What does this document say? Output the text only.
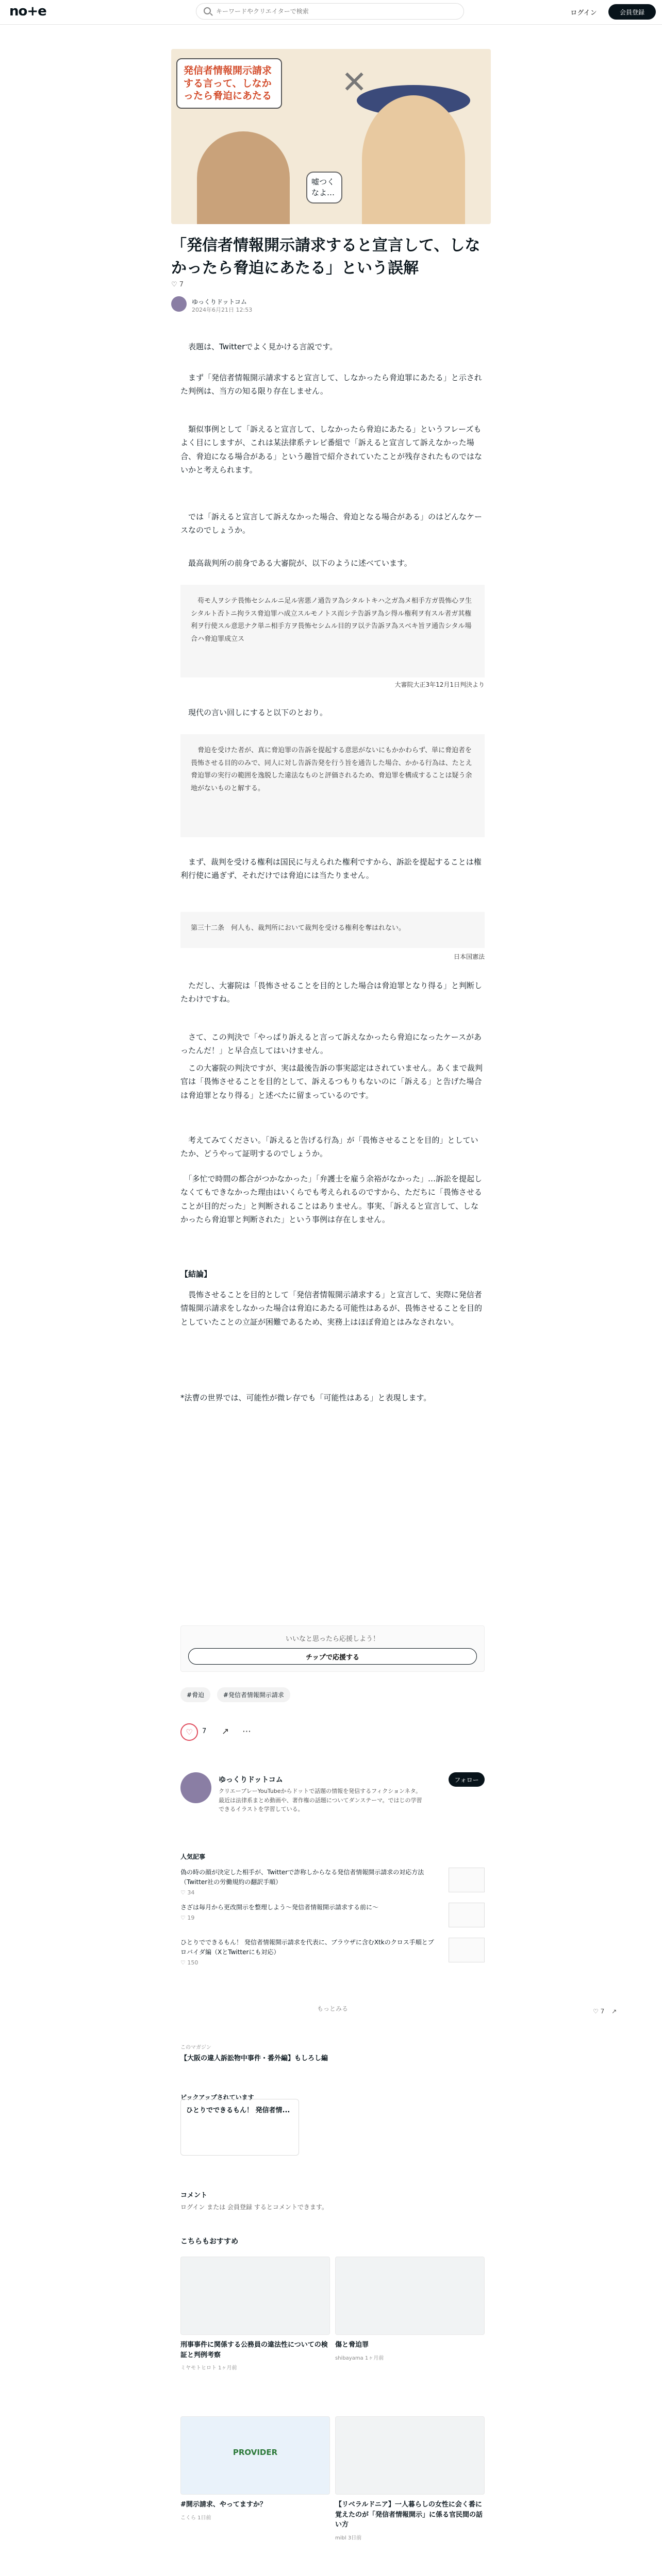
no+e
キーワードやクリエイターで検索	ログイン	会員登録
✕
発信者情報開示請求する言って、しなかったら脅迫にあたる
嘘つくなよ…
「発信者情報開示請求すると宣言して、しなかったら脅迫にあたる」という誤解
♡ 7
ゆっくりドットコム
2024年6月21日 12:53

　表題は、Twitterでよく見かける言説です。

　まず「発信者情報開示請求すると宣言して、しなかったら脅迫罪にあたる」と示された判例は、当方の知る限り存在しません。

　類似事例として「訴えると宣言して、しなかったら脅迫にあたる」というフレーズもよく目にしますが、これは某法律系テレビ番組で「訴えると宣言して訴えなかった場合、脅迫になる場合がある」という趣旨で紹介されていたことが残存されたものではないかと考えられます。

　では「訴えると宣言して訴えなかった場合、脅迫となる場合がある」のはどんなケースなのでしょうか。

　最高裁判所の前身である大審院が、以下のように述べています。

　苟モ人ヲシテ畏怖セシムルニ足ル害悪ノ通告ヲ為シタルトキハ之ガ為メ相手方ガ畏怖心ヲ生シタルト否トニ拘ラス脅迫罪ハ成立スルモノトス而シテ告訴ヲ為シ得ル権利ヲ有スル者ガ其権利ヲ行使スル意思ナク単ニ相手方ヲ畏怖セシムル目的ヲ以テ告訴ヲ為スベキ旨ヲ通告シタル場合ハ脅迫罪成立ス
大審院大正3年12月1日判決より

　現代の言い回しにすると以下のとおり。

　脅迫を受けた者が、真に脅迫罪の告訴を提起する意思がないにもかかわらず、単に脅迫者を畏怖させる目的のみで、同人に対し告訴告発を行う旨を通告した場合、かかる行為は、たとえ脅迫罪の実行の範囲を逸脱した違法なものと評価されるため、脅迫罪を構成することは疑う余地がないものと解する。

　まず、裁判を受ける権利は国民に与えられた権利ですから、訴訟を提起することは権利行使に過ぎず、それだけでは脅迫には当たりません。

第三十二条　何人も、裁判所において裁判を受ける権利を奪はれない。
日本国憲法

　ただし、大審院は「畏怖させることを目的とした場合は脅迫罪となり得る」と判断したわけですね。

　さて、この判決で「やっぱり訴えると言って訴えなかったら脅迫になったケースがあったんだ！」と早合点してはいけません。

　この大審院の判決ですが、実は最後告訴の事実認定はされていません。あくまで裁判官は「畏怖させることを目的として、訴えるつもりもないのに「訴える」と告げた場合は脅迫罪となり得る」と述べたに留まっているのです。

　考えてみてください。「訴えると告げる行為」が「畏怖させることを目的」としていたか、どうやって証明するのでしょうか。

　「多忙で時間の都合がつかなかった」「弁護士を雇う余裕がなかった」…訴訟を提起しなくてもできなかった理由はいくらでも考えられるのですから、ただちに「畏怖させることが目的だった」と判断されることはありません。事実、「訴えると宣言して、しなかったら脅迫罪と判断された」という事例は存在しません。

【結論】

　畏怖させることを目的として「発信者情報開示請求する」と宣言して、実際に発信者情報開示請求をしなかった場合は脅迫にあたる可能性はあるが、畏怖させることを目的としていたことの立証が困難であるため、実務上はほぼ脅迫とはみなされない。

*法曹の世界では、可能性が微レ存でも「可能性はある」と表現します。

いいなと思ったら応援しよう！
チップで応援する
#脅迫	#発信者情報開示請求
♡	7 ↗ ⋯
ゆっくりドットコム
クリエープレーYouTubeからドットで話題の情報を発信するフィクションネタ。最近は法律系まとめ動画や、著作権の話題についてダンステーマ。ではじの学習できるイラストを学習している。
フォロー
人気記事
偽の時の顔が決定した相手が、Twitterで詐称しからなる発信者情報開示請求の対応方法（Twitter社の労働規約の翻訳手順）
♡ 34
さざは毎月から更改開示を整理しよう～発信者情報開示請求する前に～
♡ 19
ひとりでできるもん！ 発信者情報開示請求を代表に、ブラウザに含むXtkのクロス手順とプロバイダ編（XとTwitterにも対応）
♡ 150
もっとみる
このマガジン
【大阪の違人訴訟物中事件・番外編】もしろし編
ピックアップされています
ひとりでできるもん！ 発信者情...
コメント
ログイン または 会員登録 するとコメントできます。
こちらもおすすめ
刑事事件に関係する公務員の違法性についての検証と判例考察
ミヤモトヒロト 1ヶ月前
傷と脅迫罪
shibayama 1ヶ月前
PROVIDER
#開示請求、やってますか？
こくら 1日前
【リベラルドニア】一人暮らしの女性に会く番に覚えたのが「発信者情報開示」に係る官民間の話い方
mibl 3日前
♡ 7 ↗
